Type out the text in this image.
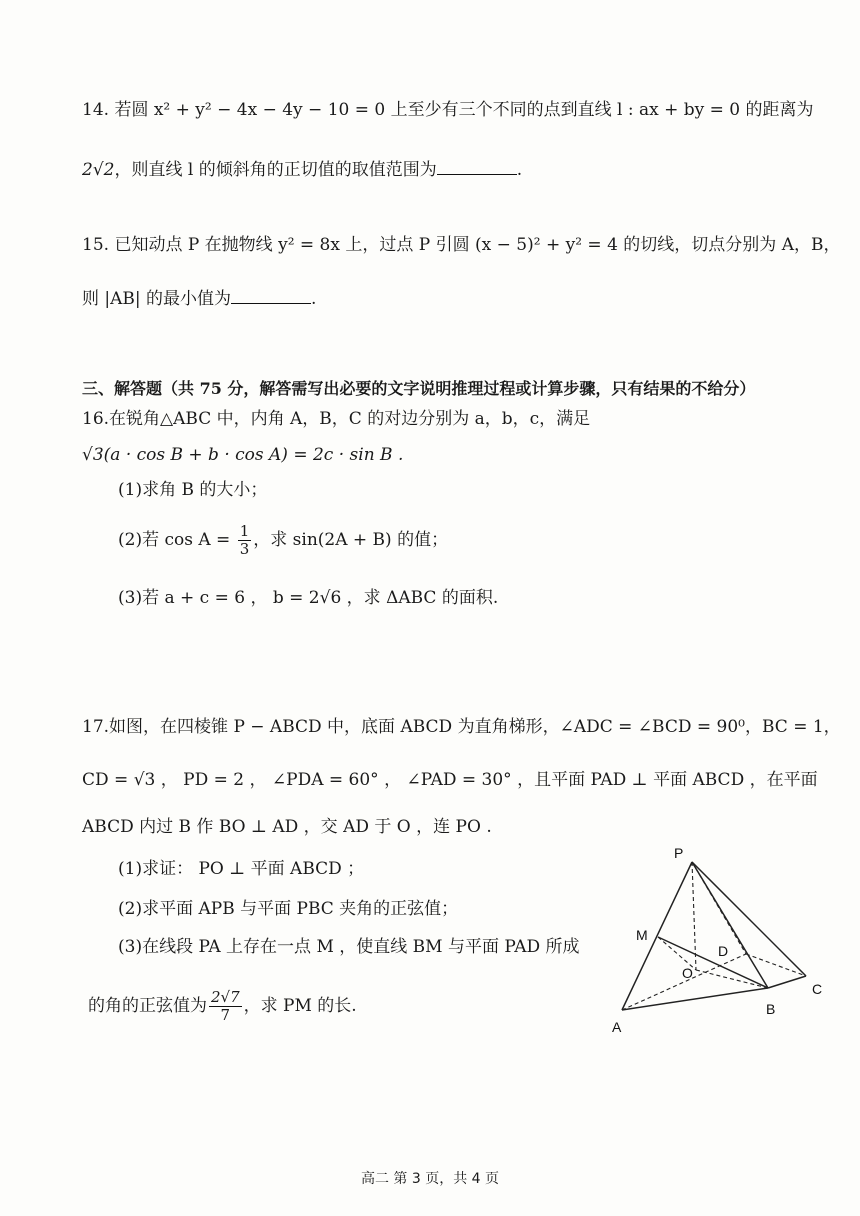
14. 若圆 x² + y² − 4x − 4y − 10 = 0 上至少有三个不同的点到直线 l : ax + by = 0 的距离为
2√2，则直线 l 的倾斜角的正切值的取值范围为	.
15. 已知动点 P 在抛物线 y² = 8x 上，过点 P 引圆 (x − 5)² + y² = 4 的切线，切点分别为 A，B，
则 |AB| 的最小值为	.
三、解答题（共 75 分，解答需写出必要的文字说明推理过程或计算步骤，只有结果的不给分）
16.在锐角△ABC 中，内角 A，B，C 的对边分别为 a，b，c，满足
√3(a · cos B + b · cos A) = 2c · sin B .
(1)求角 B 的大小；
(2)若 $\cos A = \frac{1}{3}$ ，求 sin(2A + B) 的值；
(3)若 a + c = 6 ， b = 2√6 ，求 ΔABC 的面积.
17.如图，在四棱锥 P − ABCD 中，底面 ABCD 为直角梯形，∠ADC = ∠BCD = 90⁰，BC = 1，
CD = √3 ， PD = 2 ， ∠PDA = 60° ， ∠PAD = 30° ，且平面 PAD ⊥ 平面 ABCD ，在平面
ABCD 内过 B 作 BO ⊥ AD ，交 AD 于 O ，连 PO .
(1)求证： PO ⊥ 平面 ABCD ；
(2)求平面 APB 与平面 PBC 夹角的正弦值；
(3)在线段 PA 上存在一点 M ，使直线 BM 与平面 PAD 所成
的角的正弦值为 $\frac{2√7}{7}$ ，求 PM 的长.
P
M
D
O
C
A
B
高二 第 3 页，共 4 页
